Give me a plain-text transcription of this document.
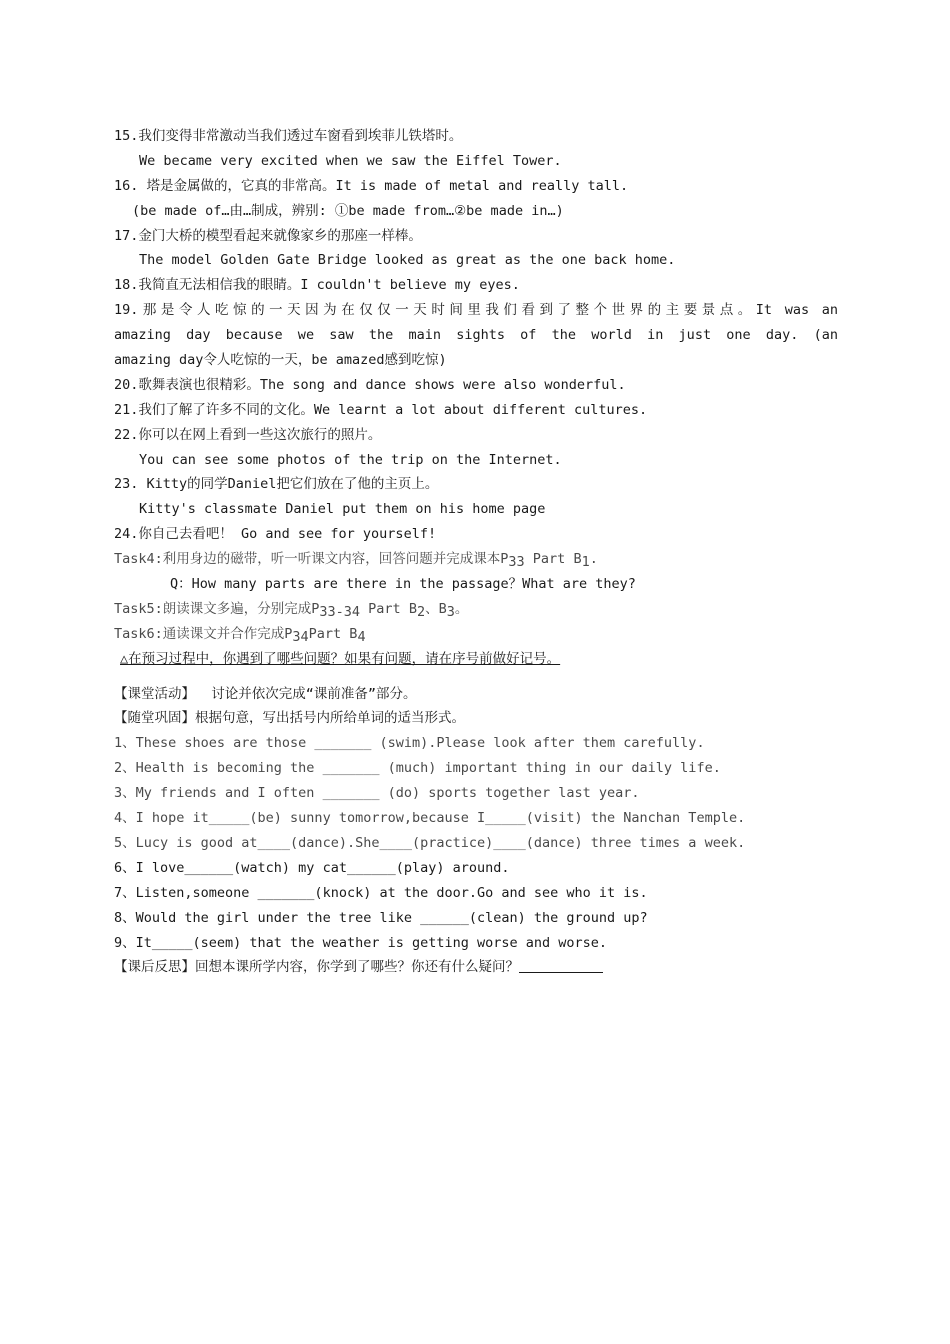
15.我们变得非常激动当我们透过车窗看到埃菲儿铁塔时。
We became very excited when we saw the Eiffel Tower.
16. 塔是金属做的，它真的非常高。It is made of metal and really tall.
(be made of…由…制成，辨别: ①be made from…②be made in…)
17.金门大桥的模型看起来就像家乡的那座一样棒。
The model Golden Gate Bridge looked as great as the one back home.
18.我简直无法相信我的眼睛。I couldn't believe my eyes.
19.那是令人吃惊的一天因为在仅仅一天时间里我们看到了整个世界的主要景点。It was an
amazing day because we saw the main sights of the world in just one day. (an
amazing day令人吃惊的一天，be amazed感到吃惊)
20.歌舞表演也很精彩。The song and dance shows were also wonderful.
21.我们了解了许多不同的文化。We learnt a lot about different cultures.
22.你可以在网上看到一些这次旅行的照片。
You can see some photos of the trip on the Internet.
23. Kitty的同学Daniel把它们放在了他的主页上。
Kitty's classmate Daniel put them on his home page
24.你自己去看吧！ Go and see for yourself!
Task4:利用身边的磁带，听一听课文内容，回答问题并完成课本P33 Part B1.
Q：How many parts are there in the passage？What are they?
Task5:朗读课文多遍，分别完成P33-34 Part B2、B3。
Task6:通读课文并合作完成P34Part B4
△在预习过程中，你遇到了哪些问题？如果有问题，请在序号前做好记号。
【课堂活动】  讨论并依次完成“课前准备”部分。
【随堂巩固】根据句意，写出括号内所给单词的适当形式。
1、These shoes are those _______ (swim).Please look after them carefully.
2、Health is becoming the _______ (much) important thing in our daily life.
3、My friends and I often _______ (do) sports together last year.
4、I hope it_____(be) sunny tomorrow,because I_____(visit) the Nanchan Temple.
5、Lucy is good at____(dance).She____(practice)____(dance) three times a week.
6、I love______(watch) my cat______(play) around.
7、Listen,someone _______(knock) at the door.Go and see who it is.
8、Would the girl under the tree like ______(clean) the ground up?
9、It_____(seem) that the weather is getting worse and worse.
【课后反思】回想本课所学内容，你学到了哪些？你还有什么疑问？
